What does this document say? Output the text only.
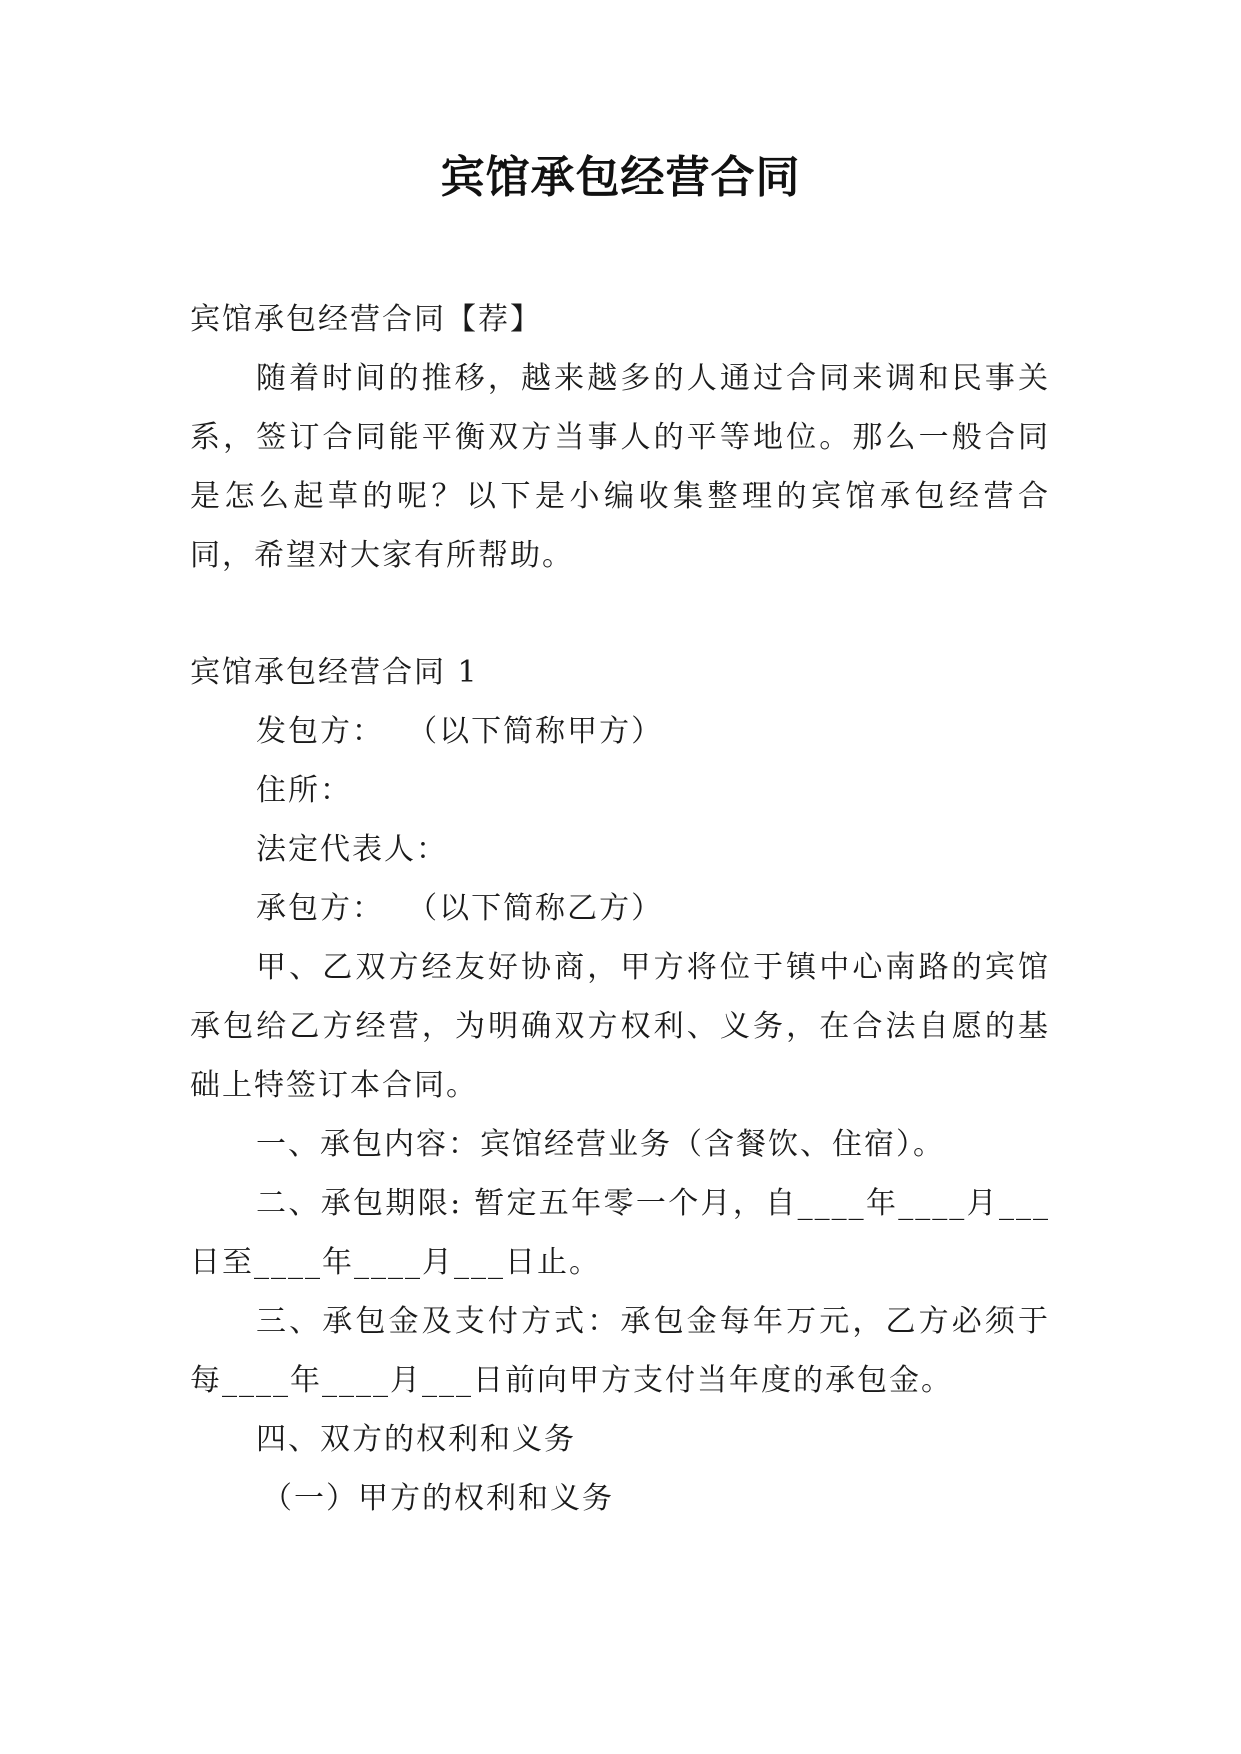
宾馆承包经营合同

宾馆承包经营合同【荐】

随着时间的推移，越来越多的人通过合同来调和民事关系，签订合同能平衡双方当事人的平等地位。那么一般合同是怎么起草的呢？以下是小编收集整理的宾馆承包经营合同，希望对大家有所帮助。

宾馆承包经营合同 1

发包方：  （以下简称甲方）

住所：

法定代表人：

承包方：  （以下简称乙方）

甲、乙双方经友好协商，甲方将位于镇中心南路的宾馆承包给乙方经营，为明确双方权利、义务，在合法自愿的基础上特签订本合同。

一、承包内容：宾馆经营业务（含餐饮、住宿）。

二、承包期限: 暂定五年零一个月，自____年____月___日至____年____月___日止。

三、承包金及支付方式：承包金每年万元，乙方必须于每____年____月___日前向甲方支付当年度的承包金。

四、双方的权利和义务

（一）甲方的权利和义务
